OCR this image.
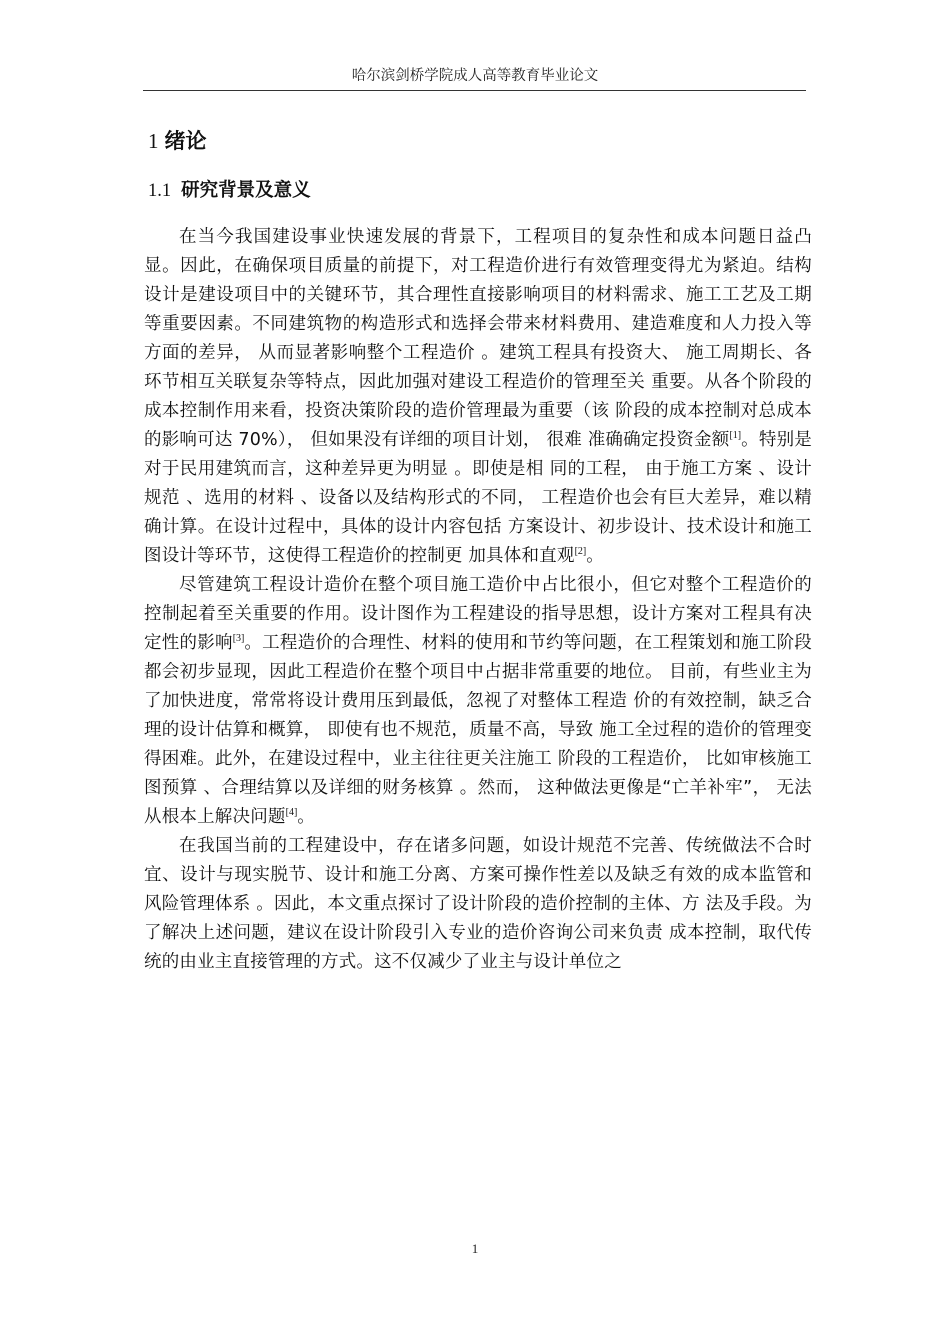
哈尔滨剑桥学院成人高等教育毕业论文
1 绪论
1.1 研究背景及意义

在当今我国建设事业快速发展的背景下，工程项目的复杂性和成本问题日益凸显。因此，在确保项目质量的前提下，对工程造价进行有效管理变得尤为紧迫。结构设计是建设项目中的关键环节，其合理性直接影响项目的材料需求、施工工艺及工期等重要因素。不同建筑物的构造形式和选择会带来材料费用、建造难度和人力投入等方面的差异， 从而显著影响整个工程造价 。建筑工程具有投资大、 施工周期长、各环节相互关联复杂等特点，因此加强对建设工程造价的管理至关 重要。从各个阶段的成本控制作用来看，投资决策阶段的造价管理最为重要（该 阶段的成本控制对总成本的影响可达 70%）， 但如果没有详细的项目计划， 很难 准确确定投资金额[1]。特别是对于民用建筑而言，这种差异更为明显 。即使是相 同的工程， 由于施工方案 、设计规范 、选用的材料 、设备以及结构形式的不同， 工程造价也会有巨大差异，难以精确计算。在设计过程中，具体的设计内容包括 方案设计、初步设计、技术设计和施工图设计等环节，这使得工程造价的控制更 加具体和直观[2]。

尽管建筑工程设计造价在整个项目施工造价中占比很小，但它对整个工程造价的控制起着至关重要的作用。设计图作为工程建设的指导思想，设计方案对工程具有决定性的影响[3]。工程造价的合理性、材料的使用和节约等问题，在工程策划和施工阶段都会初步显现，因此工程造价在整个项目中占据非常重要的地位。 目前，有些业主为了加快进度，常常将设计费用压到最低，忽视了对整体工程造 价的有效控制，缺乏合理的设计估算和概算， 即使有也不规范，质量不高，导致 施工全过程的造价的管理变得困难。此外，在建设过程中，业主往往更关注施工 阶段的工程造价， 比如审核施工图预算 、合理结算以及详细的财务核算 。然而， 这种做法更像是“亡羊补牢”， 无法从根本上解决问题[4]。

在我国当前的工程建设中，存在诸多问题，如设计规范不完善、传统做法不合时宜、设计与现实脱节、设计和施工分离、方案可操作性差以及缺乏有效的成本监管和风险管理体系 。因此，本文重点探讨了设计阶段的造价控制的主体、方 法及手段。为了解决上述问题，建议在设计阶段引入专业的造价咨询公司来负责 成本控制，取代传统的由业主直接管理的方式。这不仅减少了业主与设计单位之

1
